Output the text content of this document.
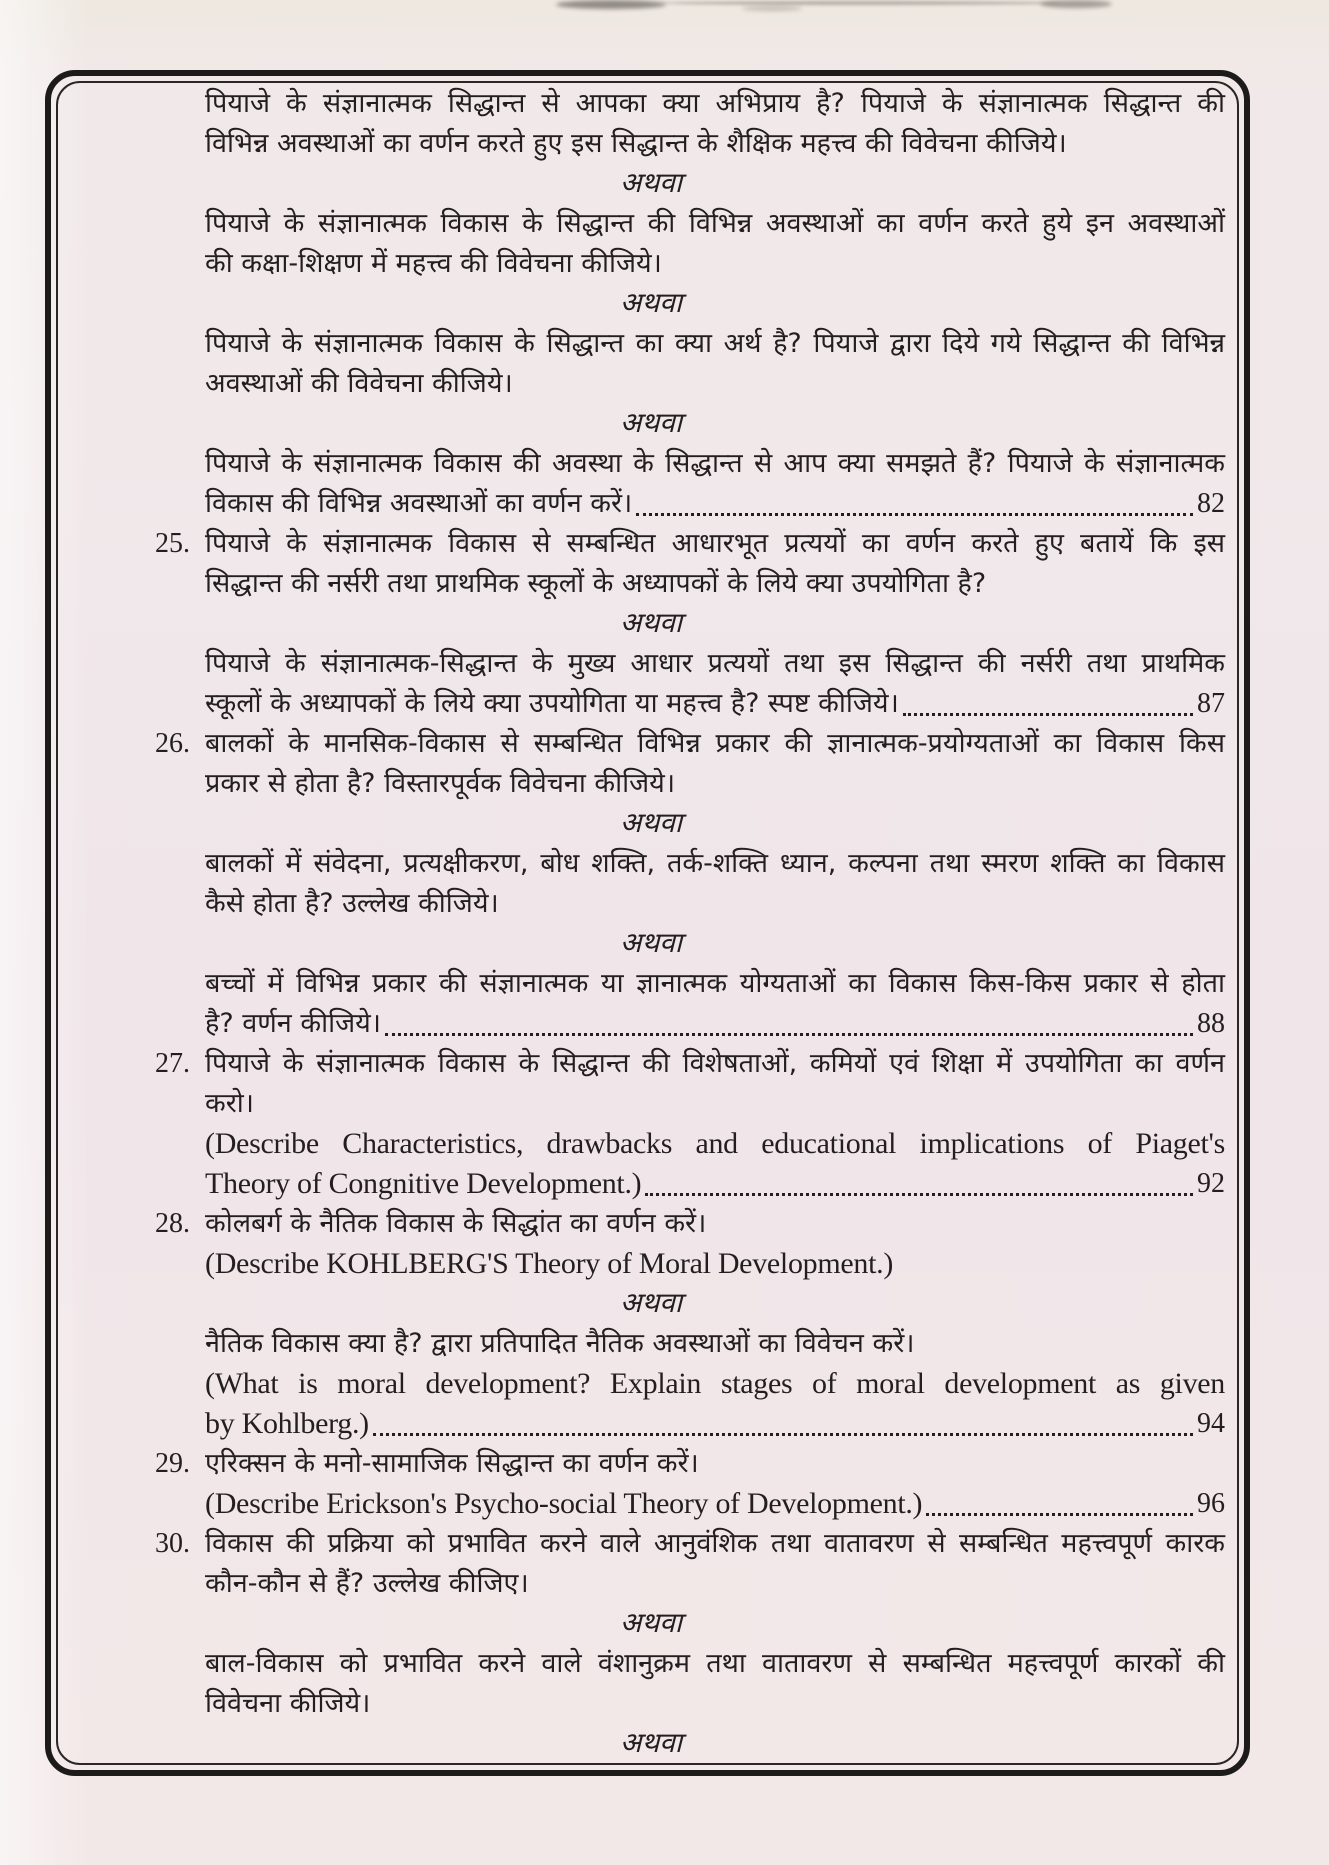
पियाजे के संज्ञानात्मक सिद्धान्त से आपका क्या अभिप्राय है? पियाजे के संज्ञानात्मक सिद्धान्त की
विभिन्न अवस्थाओं का वर्णन करते हुए इस सिद्धान्त के शैक्षिक महत्त्व की विवेचना कीजिये।
अथवा
पियाजे के संज्ञानात्मक विकास के सिद्धान्त की विभिन्न अवस्थाओं का वर्णन करते हुये इन अवस्थाओं
की कक्षा-शिक्षण में महत्त्व की विवेचना कीजिये।
अथवा
पियाजे के संज्ञानात्मक विकास के सिद्धान्त का क्या अर्थ है? पियाजे द्वारा दिये गये सिद्धान्त की विभिन्न
अवस्थाओं की विवेचना कीजिये।
अथवा
पियाजे के संज्ञानात्मक विकास की अवस्था के सिद्धान्त से आप क्या समझते हैं? पियाजे के संज्ञानात्मक
विकास की विभिन्न अवस्थाओं का वर्णन करें।	82
25. पियाजे के संज्ञानात्मक विकास से सम्बन्धित आधारभूत प्रत्ययों का वर्णन करते हुए बतायें कि इस
सिद्धान्त की नर्सरी तथा प्राथमिक स्कूलों के अध्यापकों के लिये क्या उपयोगिता है?
अथवा
पियाजे के संज्ञानात्मक-सिद्धान्त के मुख्य आधार प्रत्ययों तथा इस सिद्धान्त की नर्सरी तथा प्राथमिक
स्कूलों के अध्यापकों के लिये क्या उपयोगिता या महत्त्व है? स्पष्ट कीजिये।	87
26. बालकों के मानसिक-विकास से सम्बन्धित विभिन्न प्रकार की ज्ञानात्मक-प्रयोग्यताओं का विकास किस
प्रकार से होता है? विस्तारपूर्वक विवेचना कीजिये।
अथवा
बालकों में संवेदना, प्रत्यक्षीकरण, बोध शक्ति, तर्क-शक्ति ध्यान, कल्पना तथा स्मरण शक्ति का विकास
कैसे होता है? उल्लेख कीजिये।
अथवा
बच्चों में विभिन्न प्रकार की संज्ञानात्मक या ज्ञानात्मक योग्यताओं का विकास किस-किस प्रकार से होता
है? वर्णन कीजिये।	88
27. पियाजे के संज्ञानात्मक विकास के सिद्धान्त की विशेषताओं, कमियों एवं शिक्षा में उपयोगिता का वर्णन
करो।
(Describe Characteristics, drawbacks and educational implications of Piaget's
Theory of Congnitive Development.)	92
28. कोलबर्ग के नैतिक विकास के सिद्धांत का वर्णन करें।
(Describe KOHLBERG'S Theory of Moral Development.)
अथवा
नैतिक विकास क्या है? द्वारा प्रतिपादित नैतिक अवस्थाओं का विवेचन करें।
(What is moral development? Explain stages of moral development as given
by Kohlberg.)	94
29. एरिक्सन के मनो-सामाजिक सिद्धान्त का वर्णन करें।
(Describe Erickson's Psycho-social Theory of Development.)	96
30. विकास की प्रक्रिया को प्रभावित करने वाले आनुवंशिक तथा वातावरण से सम्बन्धित महत्त्वपूर्ण कारक
कौन-कौन से हैं? उल्लेख कीजिए।
अथवा
बाल-विकास को प्रभावित करने वाले वंशानुक्रम तथा वातावरण से सम्बन्धित महत्त्वपूर्ण कारकों की
विवेचना कीजिये।
अथवा
